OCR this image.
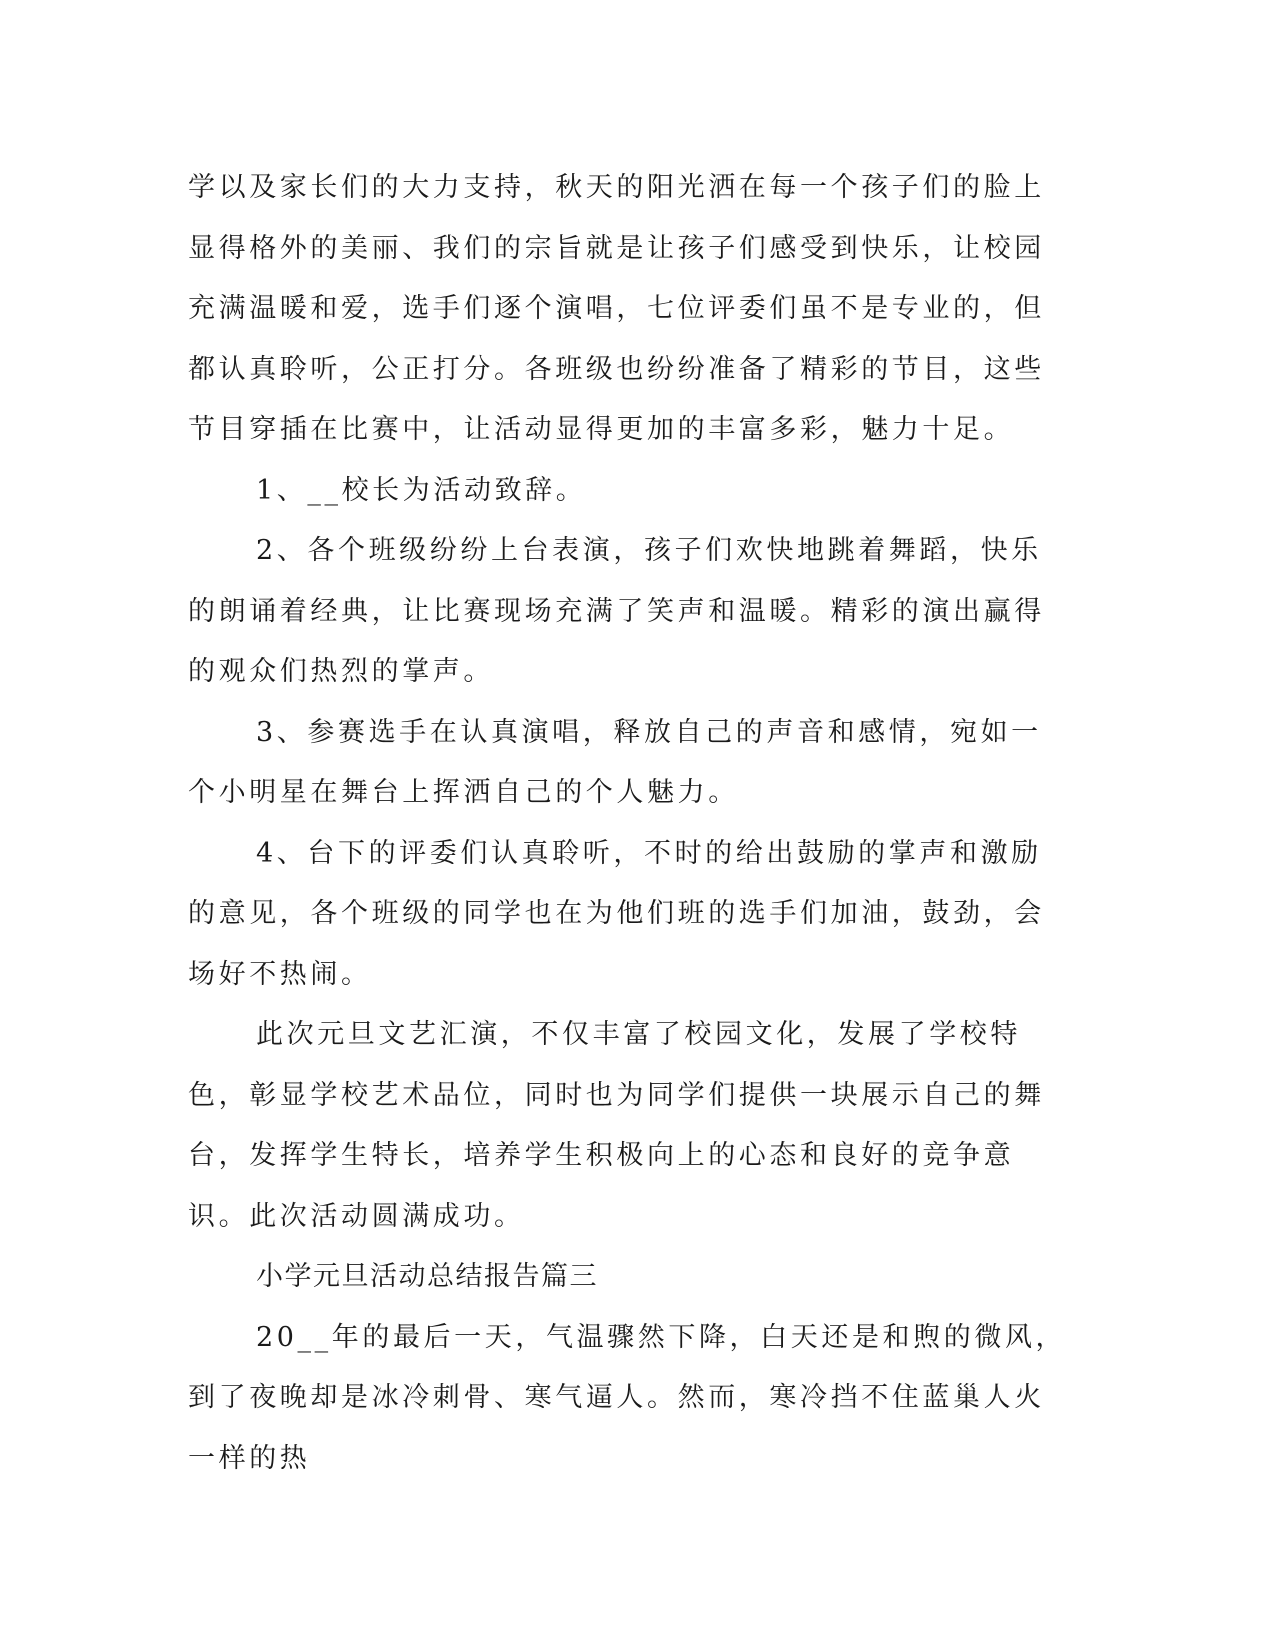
学以及家长们的大力支持，秋天的阳光洒在每一个孩子们的脸上显得格外的美丽、我们的宗旨就是让孩子们感受到快乐，让校园充满温暖和爱，选手们逐个演唱，七位评委们虽不是专业的，但都认真聆听，公正打分。各班级也纷纷准备了精彩的节目，这些节目穿插在比赛中，让活动显得更加的丰富多彩，魅力十足。

1、__校长为活动致辞。

2、各个班级纷纷上台表演，孩子们欢快地跳着舞蹈，快乐的朗诵着经典，让比赛现场充满了笑声和温暖。精彩的演出赢得的观众们热烈的掌声。

3、参赛选手在认真演唱，释放自己的声音和感情，宛如一个小明星在舞台上挥洒自己的个人魅力。

4、台下的评委们认真聆听，不时的给出鼓励的掌声和激励的意见，各个班级的同学也在为他们班的选手们加油，鼓劲，会场好不热闹。

此次元旦文艺汇演，不仅丰富了校园文化，发展了学校特色，彰显学校艺术品位，同时也为同学们提供一块展示自己的舞台，发挥学生特长，培养学生积极向上的心态和良好的竞争意识。此次活动圆满成功。

小学元旦活动总结报告篇三

20__年的最后一天，气温骤然下降，白天还是和煦的微风，到了夜晚却是冰冷刺骨、寒气逼人。然而，寒冷挡不住蓝巢人火一样的热
